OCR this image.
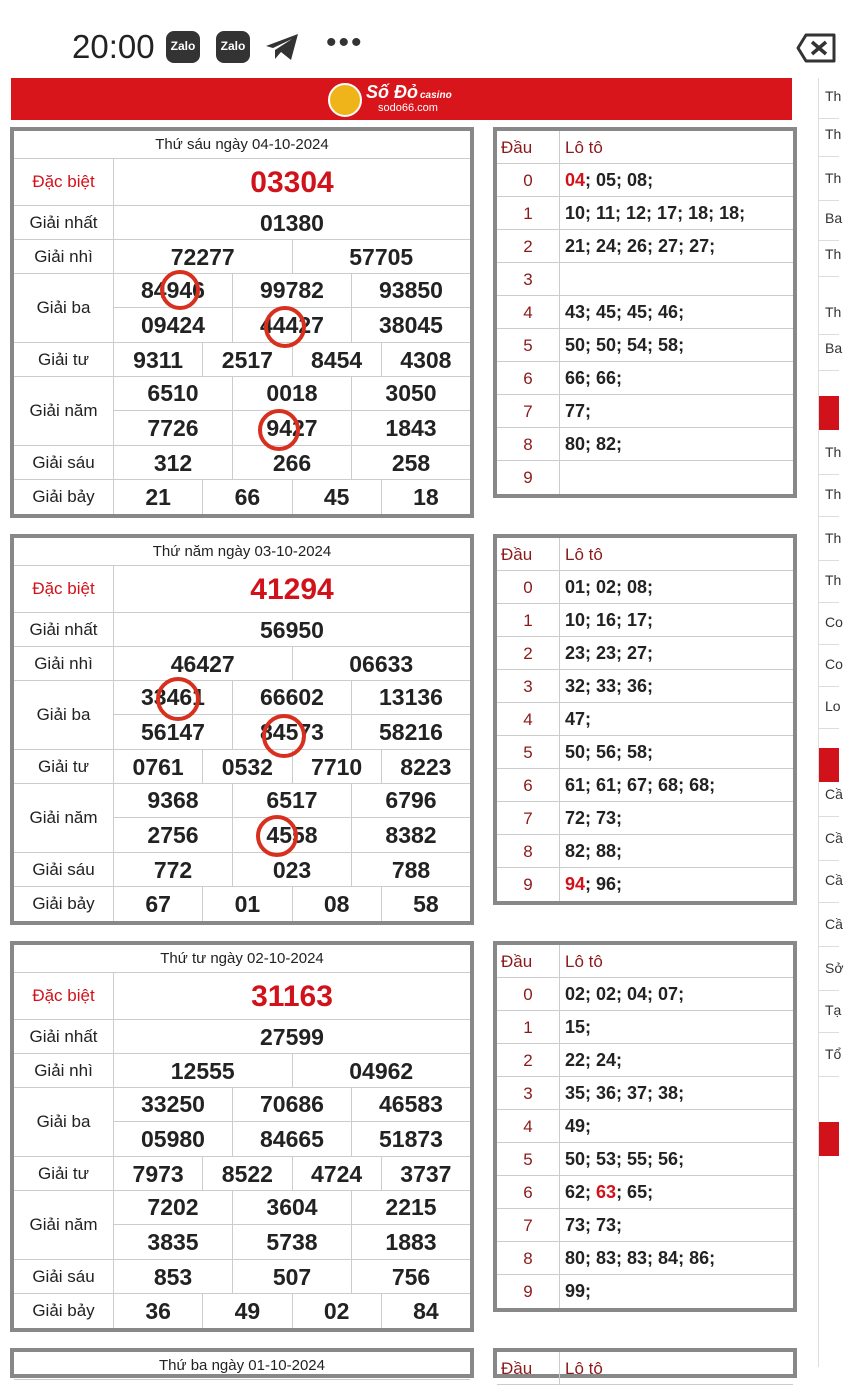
20:00	Zalo	Zalo	•••
Số Đỏ casino
sodo66.com
Thứ sáu ngày 04-10-2024
Đặc biệt	03304
Giải nhất	01380
Giải nhì	72277	57705
Giải ba
84946	99782	93850
09424	44427	38045
Giải tư	9311	2517	8454	4308
Giải năm
6510	0018	3050
7726	9427	1843
Giải sáu	312	266	258
Giải bảy	21	66	45	18
Đầu	Lô tô
0	04; 05; 08;
1	10; 11; 12; 17; 18; 18;
2	21; 24; 26; 27; 27;
3
4	43; 45; 45; 46;
5	50; 50; 54; 58;
6	66; 66;
7	77;
8	80; 82;
9
Thứ năm ngày 03-10-2024
Đặc biệt	41294
Giải nhất	56950
Giải nhì	46427	06633
Giải ba
33461	66602	13136
56147	84573	58216
Giải tư	0761	0532	7710	8223
Giải năm
9368	6517	6796
2756	4558	8382
Giải sáu	772	023	788
Giải bảy	67	01	08	58
Đầu	Lô tô
0	01; 02; 08;
1	10; 16; 17;
2	23; 23; 27;
3	32; 33; 36;
4	47;
5	50; 56; 58;
6	61; 61; 67; 68; 68;
7	72; 73;
8	82; 88;
9	94; 96;
Thứ tư ngày 02-10-2024
Đặc biệt	31163
Giải nhất	27599
Giải nhì	12555	04962
Giải ba
33250	70686	46583
05980	84665	51873
Giải tư	7973	8522	4724	3737
Giải năm
7202	3604	2215
3835	5738	1883
Giải sáu	853	507	756
Giải bảy	36	49	02	84
Đầu	Lô tô
0	02; 02; 04; 07;
1	15;
2	22; 24;
3	35; 36; 37; 38;
4	49;
5	50; 53; 55; 56;
6	62; 63; 65;
7	73; 73;
8	80; 83; 83; 84; 86;
9	99;
Thứ ba ngày 01-10-2024	Đầu	Lô tô
Th
Th
Th
Ba
Th
Th
Ba
Th
Th
Th
Th
Co
Co
Lo
Cầ
Cầ
Cầ
Cầ
Sở
Tạ
Tổ
